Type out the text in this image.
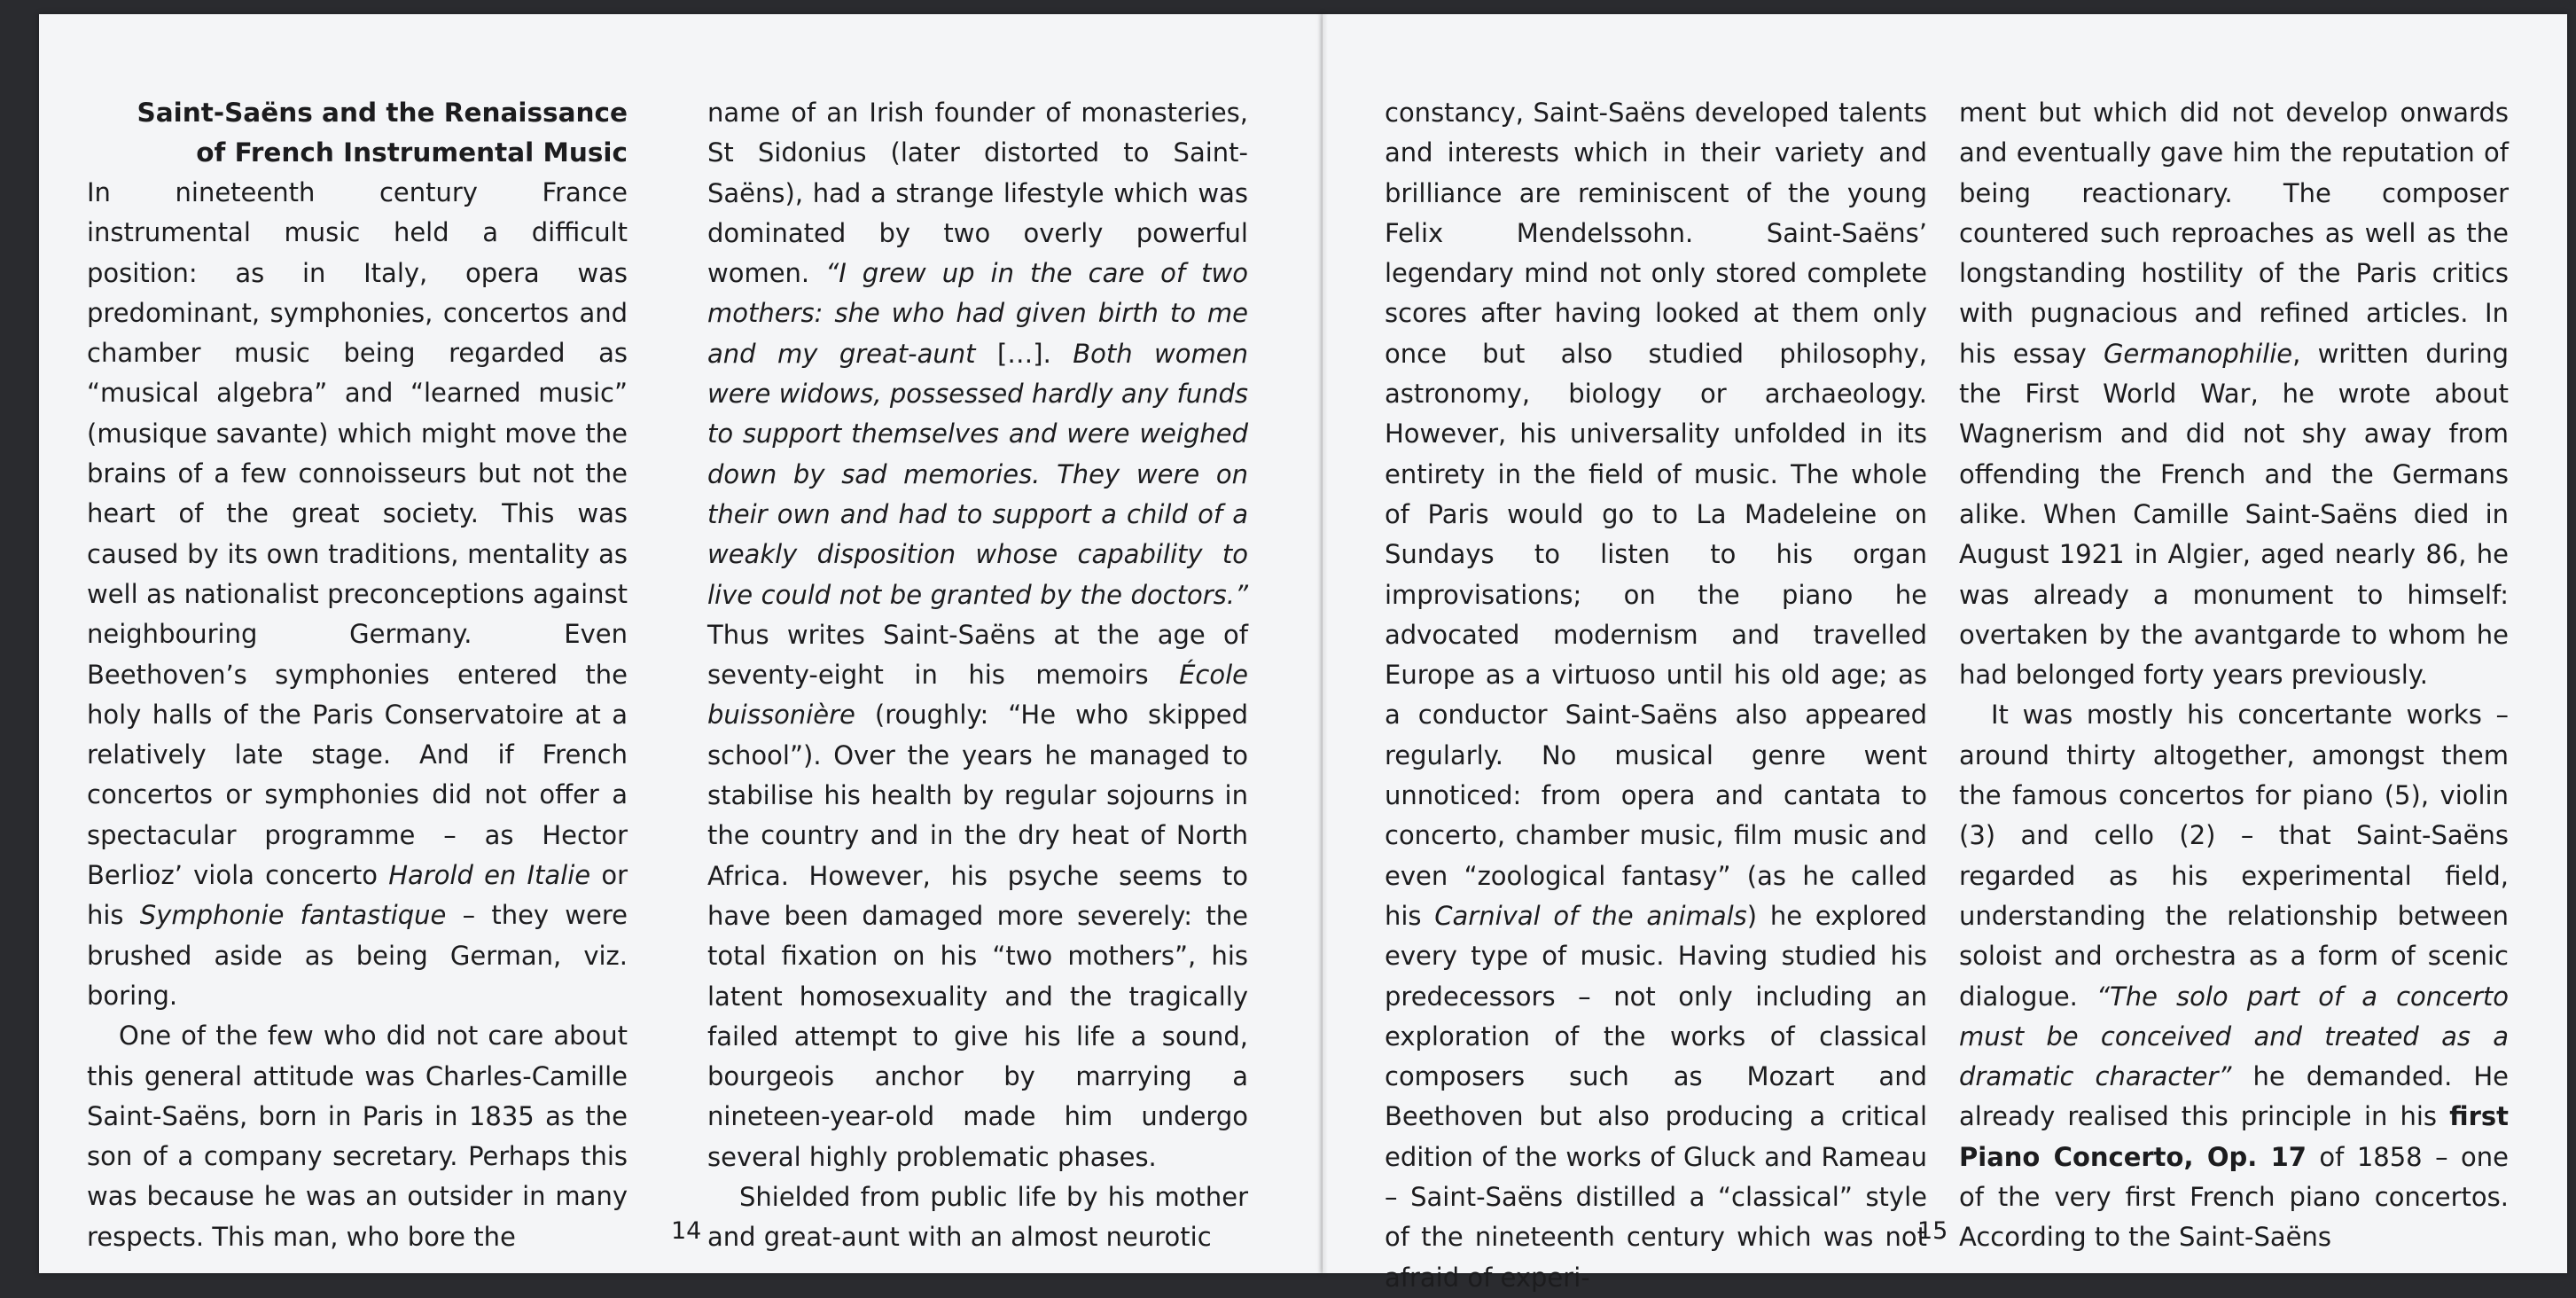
Saint-Saëns and the Renaissance
of French Instrumental Music

In nineteenth century France instrumental music held a difficult position: as in Italy, opera was predominant, symphonies, concertos and chamber music being regarded as “musical algebra” and “learned music” (musique savante) which might move the brains of a few connoisseurs but not the heart of the great society. This was caused by its own traditions, mentality as well as nationalist preconceptions against neighbouring Germany. Even Beethoven’s symphonies entered the holy halls of the Paris Conservatoire at a relatively late stage. And if French concertos or symphonies did not offer a spectacular programme – as Hector Berlioz’ viola concerto Harold en Italie or his Symphonie fantastique – they were brushed aside as being German, viz. boring.

One of the few who did not care about this general attitude was Charles-Camille Saint-Saëns, born in Paris in 1835 as the son of a company secretary. Perhaps this was because he was an outsider in many respects. This man, who bore the

name of an Irish founder of monasteries, St Sidonius (later distorted to Saint-Saëns), had a strange lifestyle which was dominated by two overly powerful women. “I grew up in the care of two mothers: she who had given birth to me and my great-aunt […]. Both women were widows, possessed hardly any funds to support themselves and were weighed down by sad memories. They were on their own and had to support a child of a weakly disposition whose capability to live could not be granted by the doctors.” Thus writes Saint-Saëns at the age of seventy-eight in his memoirs École buissonière (roughly: “He who skipped school”). Over the years he managed to stabilise his health by regular sojourns in the country and in the dry heat of North Africa. However, his psyche seems to have been damaged more severely: the total fixation on his “two mothers”, his latent homosexuality and the tragically failed attempt to give his life a sound, bourgeois anchor by marrying a nineteen-year-old made him undergo several highly problematic phases.

Shielded from public life by his mother and great-aunt with an almost neurotic

14

constancy, Saint-Saëns developed talents and interests which in their variety and brilliance are reminiscent of the young Felix Mendelssohn. Saint-Saëns’ legendary mind not only stored complete scores after having looked at them only once but also studied philosophy, astronomy, biology or archaeology. However, his universality unfolded in its entirety in the field of music. The whole of Paris would go to La Madeleine on Sundays to listen to his organ improvisations; on the piano he advocated modernism and travelled Europe as a virtuoso until his old age; as a conductor Saint-Saëns also appeared regularly. No musical genre went unnoticed: from opera and cantata to concerto, chamber music, film music and even “zoological fantasy” (as he called his Carnival of the animals) he explored every type of music. Having studied his predecessors – not only including an exploration of the works of classical composers such as Mozart and Beethoven but also producing a critical edition of the works of Gluck and Rameau – Saint-Saëns distilled a “classical” style of the nineteenth century which was not afraid of experi-

ment but which did not develop onwards and eventually gave him the reputation of being reactionary. The composer countered such reproaches as well as the longstanding hostility of the Paris critics with pugnacious and refined articles. In his essay Germanophilie, written during the First World War, he wrote about Wagnerism and did not shy away from offending the French and the Germans alike. When Camille Saint-Saëns died in August 1921 in Algier, aged nearly 86, he was already a monument to himself: overtaken by the avantgarde to whom he had belonged forty years previously.

It was mostly his concertante works – around thirty altogether, amongst them the famous concertos for piano (5), violin (3) and cello (2) – that Saint-Saëns regarded as his experimental field, understanding the relationship between soloist and orchestra as a form of scenic dialogue. “The solo part of a concerto must be conceived and treated as a dramatic character” he demanded. He already realised this principle in his first Piano Concerto, Op. 17 of 1858 – one of the very first French piano concertos. According to the Saint-Saëns

15
